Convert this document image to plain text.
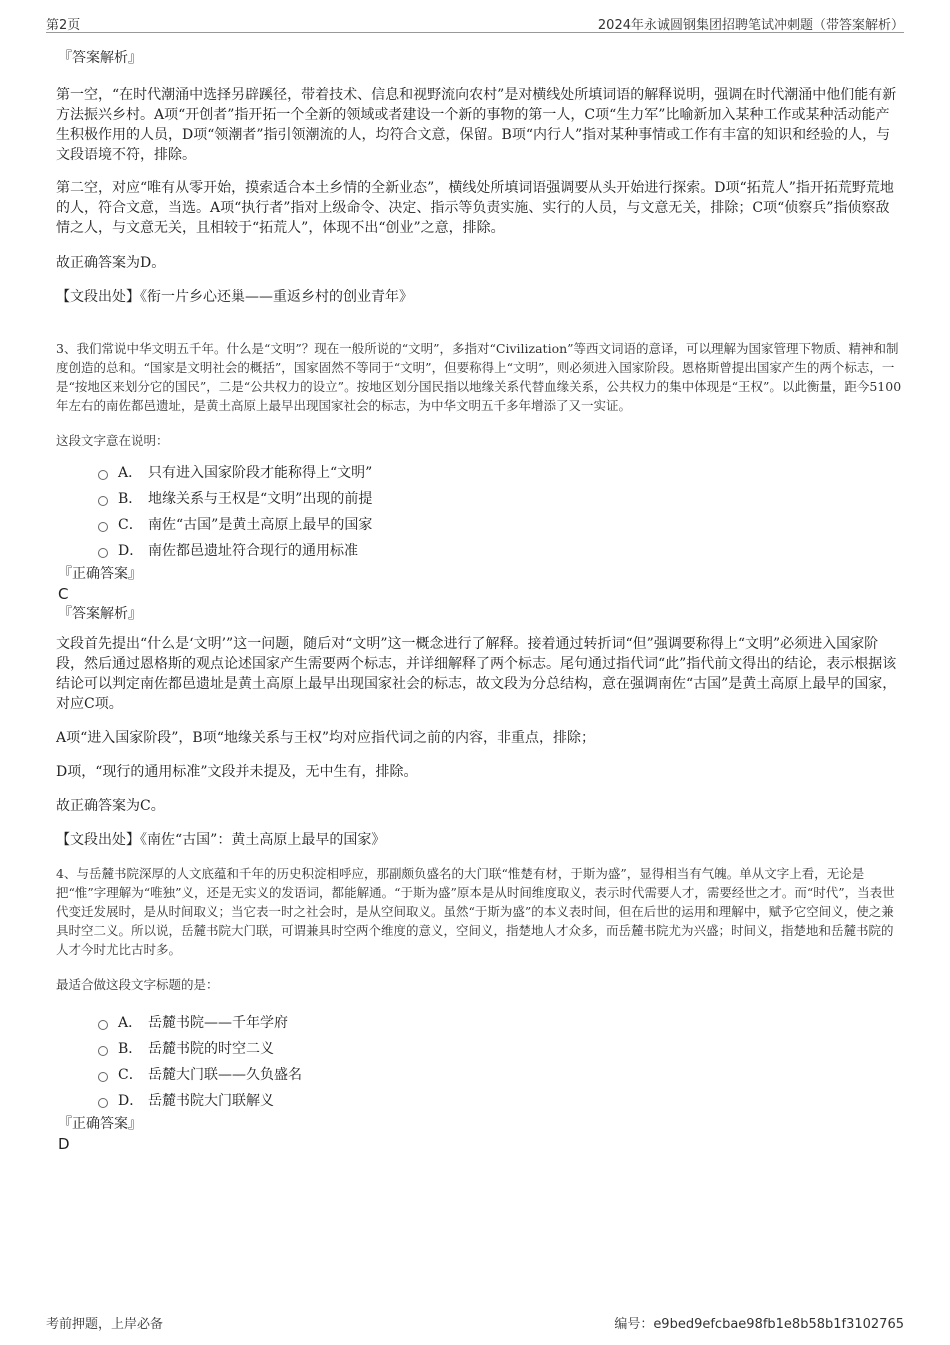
第2页	2024年永诚圆钢集团招聘笔试冲刺题（带答案解析）
『答案解析』

第一空，“在时代潮涌中选择另辟蹊径，带着技术、信息和视野流向农村”是对横线处所填词语的解释说明，强调在时代潮涌中他们能有新方法振兴乡村。A项“开创者”指开拓一个全新的领域或者建设一个新的事物的第一人，C项“生力军”比喻新加入某种工作或某种活动能产生积极作用的人员，D项“领潮者”指引领潮流的人，均符合文意，保留。B项“内行人”指对某种事情或工作有丰富的知识和经验的人，与文段语境不符，排除。

第二空，对应“唯有从零开始，摸索适合本土乡情的全新业态”，横线处所填词语强调要从头开始进行探索。D项“拓荒人”指开拓荒野荒地的人，符合文意，当选。A项“执行者”指对上级命令、决定、指示等负责实施、实行的人员，与文意无关，排除；C项“侦察兵”指侦察敌情之人，与文意无关，且相较于“拓荒人”，体现不出“创业”之意，排除。

故正确答案为D。

【文段出处】《衔一片乡心还巢——重返乡村的创业青年》
3、我们常说中华文明五千年。什么是“文明”？现在一般所说的“文明”，多指对“Civilization”等西文词语的意译，可以理解为国家管理下物质、精神和制度创造的总和。“国家是文明社会的概括”，国家固然不等同于“文明”，但要称得上“文明”，则必须进入国家阶段。恩格斯曾提出国家产生的两个标志，一是“按地区来划分它的国民”，二是“公共权力的设立”。按地区划分国民指以地缘关系代替血缘关系，公共权力的集中体现是“王权”。以此衡量，距今5100年左右的南佐都邑遗址，是黄土高原上最早出现国家社会的标志，为中华文明五千多年增添了又一实证。
这段文字意在说明：
A． 只有进入国家阶段才能称得上“文明”
B． 地缘关系与王权是“文明”出现的前提
C． 南佐“古国”是黄土高原上最早的国家
D． 南佐都邑遗址符合现行的通用标准
『正确答案』
C
『答案解析』

文段首先提出“什么是‘文明’”这一问题，随后对“文明”这一概念进行了解释。接着通过转折词“但”强调要称得上“文明”必须进入国家阶段，然后通过恩格斯的观点论述国家产生需要两个标志，并详细解释了两个标志。尾句通过指代词“此”指代前文得出的结论，表示根据该结论可以判定南佐都邑遗址是黄土高原上最早出现国家社会的标志，故文段为分总结构，意在强调南佐“古国”是黄土高原上最早的国家，对应C项。

A项“进入国家阶段”，B项“地缘关系与王权”均对应指代词之前的内容，非重点，排除；

D项，“现行的通用标准”文段并未提及，无中生有，排除。

故正确答案为C。

【文段出处】《南佐“古国”：黄土高原上最早的国家》
4、与岳麓书院深厚的人文底蕴和千年的历史积淀相呼应，那副颇负盛名的大门联“惟楚有材，于斯为盛”，显得相当有气魄。单从文字上看，无论是把“惟”字理解为“唯独”义，还是无实义的发语词，都能解通。“于斯为盛”原本是从时间维度取义，表示时代需要人才，需要经世之才。而“时代”，当表世代变迁发展时，是从时间取义；当它表一时之社会时，是从空间取义。虽然“于斯为盛”的本义表时间，但在后世的运用和理解中，赋予它空间义，使之兼具时空二义。所以说，岳麓书院大门联，可谓兼具时空两个维度的意义，空间义，指楚地人才众多，而岳麓书院尤为兴盛；时间义，指楚地和岳麓书院的人才今时尤比古时多。
最适合做这段文字标题的是：
A． 岳麓书院——千年学府
B． 岳麓书院的时空二义
C． 岳麓大门联——久负盛名
D． 岳麓书院大门联解义
『正确答案』
D
考前押题，上岸必备	编号：e9bed9efcbae98fb1e8b58b1f3102765
